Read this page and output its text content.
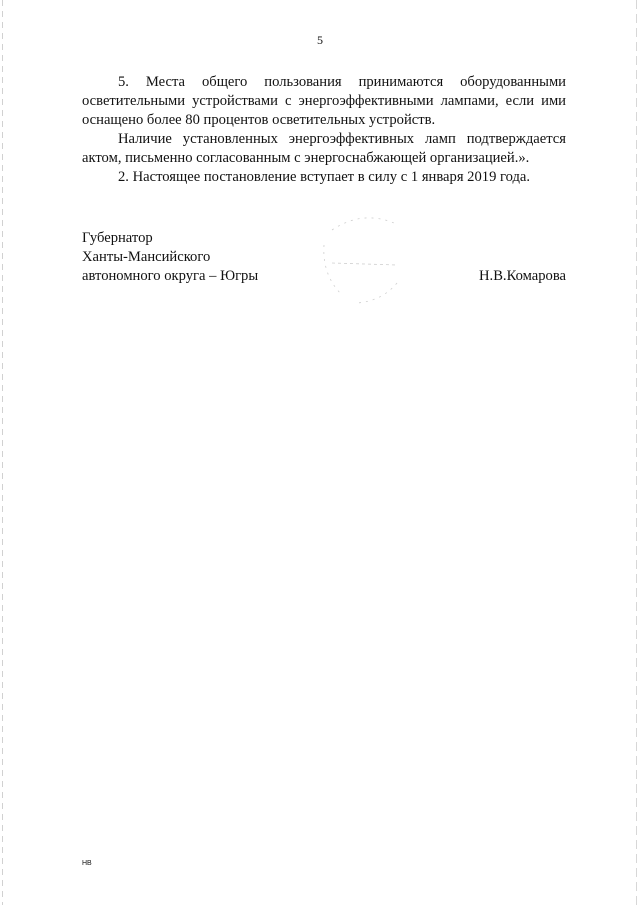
5

5. Места общего пользования принимаются оборудованными осветительными устройствами с энергоэффективными лампами, если ими оснащено более 80 процентов осветительных устройств.

Наличие установленных энергоэффективных ламп подтверждается актом, письменно согласованным с энергоснабжающей организацией.».

2. Настоящее постановление вступает в силу с 1 января 2019 года.

Губернатор
Ханты-Мансийского
автономного округа – Югры	Н.В.Комарова
НВ
